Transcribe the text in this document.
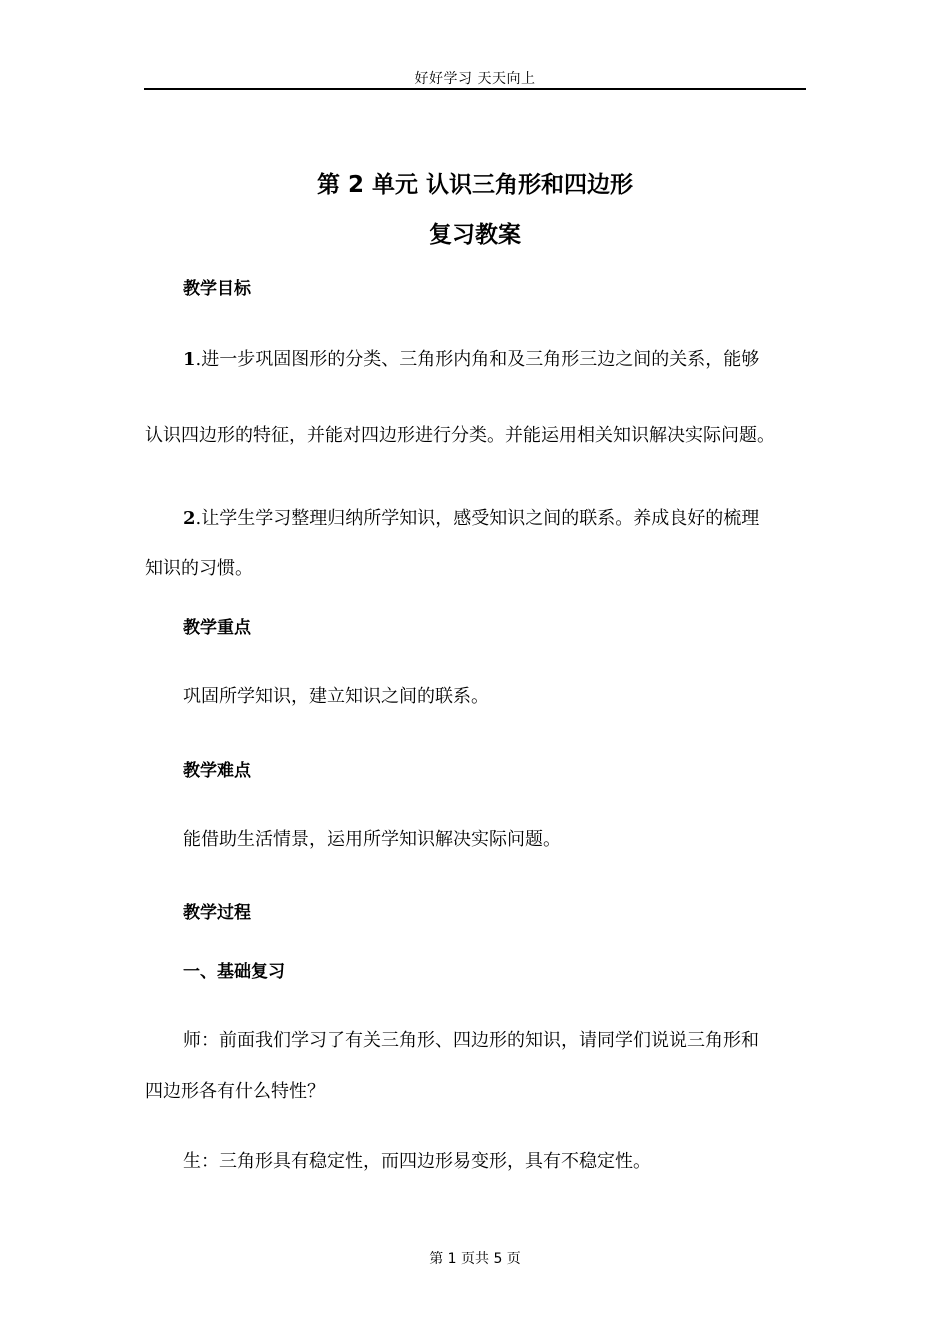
好好学习 天天向上
第 2 单元 认识三角形和四边形
复习教案
教学目标
1.进一步巩固图形的分类、三角形内角和及三角形三边之间的关系，能够
认识四边形的特征，并能对四边形进行分类。并能运用相关知识解决实际问题。
2.让学生学习整理归纳所学知识，感受知识之间的联系。养成良好的梳理
知识的习惯。
教学重点
巩固所学知识，建立知识之间的联系。
教学难点
能借助生活情景，运用所学知识解决实际问题。
教学过程
一、基础复习
师：前面我们学习了有关三角形、四边形的知识，请同学们说说三角形和
四边形各有什么特性？
生：三角形具有稳定性，而四边形易变形，具有不稳定性。
第 1 页共 5 页
